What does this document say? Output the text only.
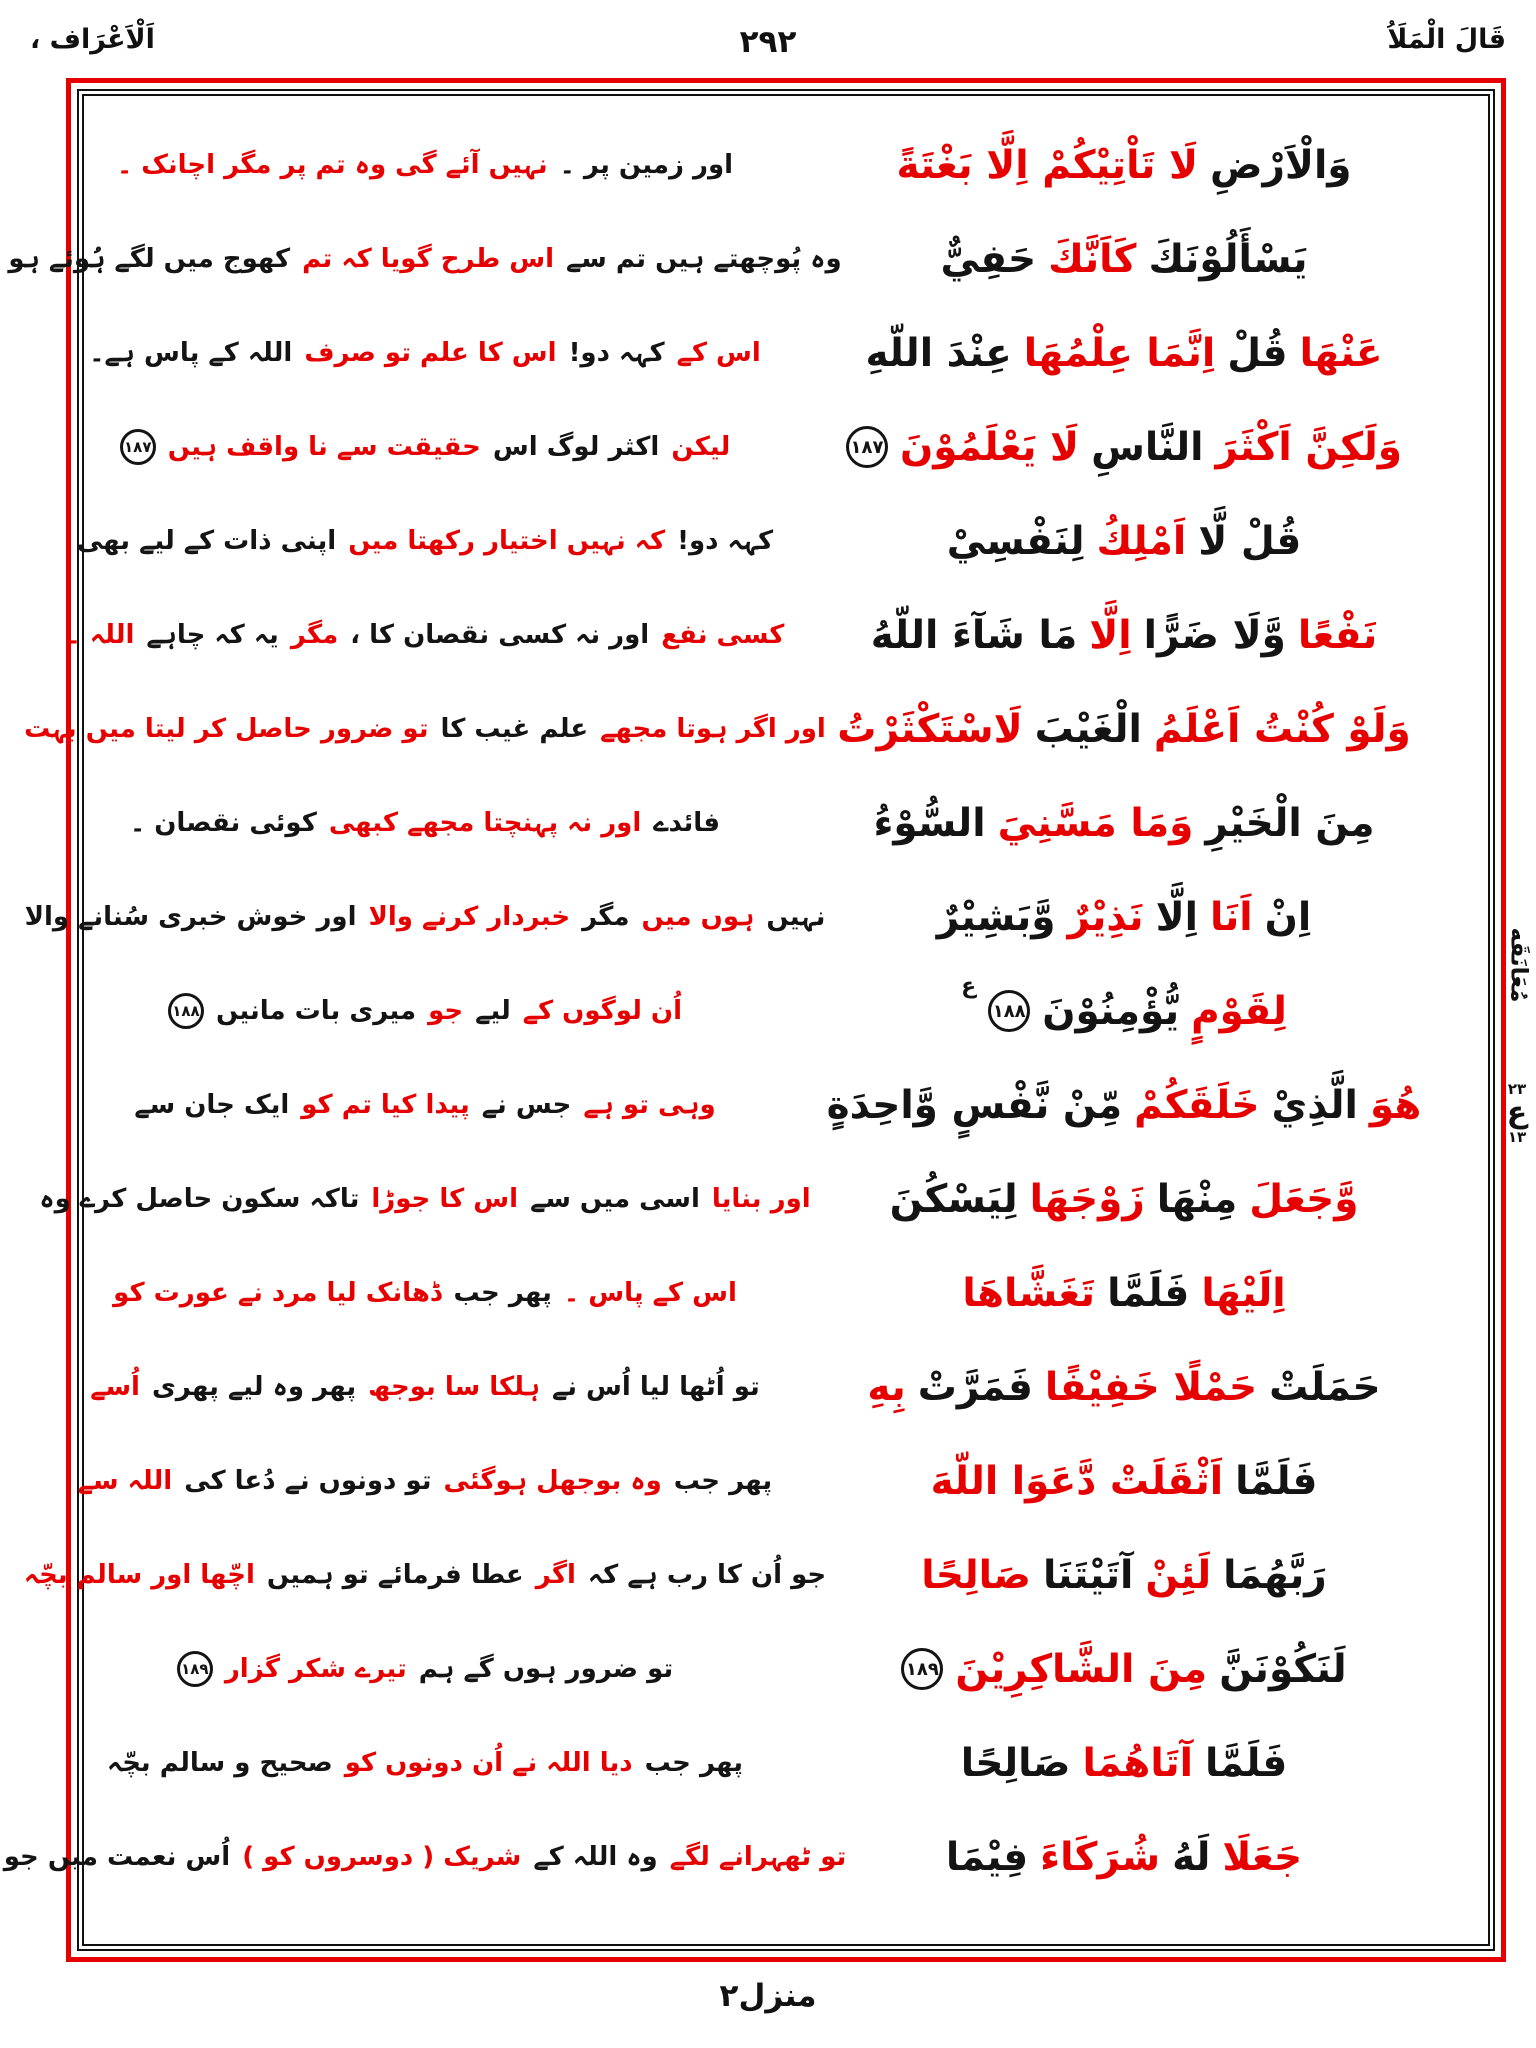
اَلْاَعْرَاف ،	۲۹۲	قَالَ الْمَلَاُ
اور زمین پر ۔
نہیں آئے گی وہ تم پر مگر اچانک ۔
وہ پُوچھتے ہیں تم سے
اس طرح گویا کہ تم
کھوج میں لگے ہُوئے ہو
اس کے
کہہ دو!
اس کا علم تو صرف
اللہ کے پاس ہے۔
لیکن
اکثر لوگ اس
حقیقت سے نا واقف ہیں
۱۸۷
کہہ دو!
کہ نہیں اختیار رکھتا میں
اپنی ذات کے لیے بھی
کسی نفع
اور نہ کسی نقصان کا ،
مگر
یہ کہ چاہے
اللہ ۔
اور اگر ہوتا مجھے
علم غیب کا
تو ضرور حاصل کر لیتا میں بہت
فائدے
اور نہ پہنچتا مجھے کبھی
کوئی نقصان ۔
نہیں
ہوں میں
مگر
خبردار کرنے والا
اور خوش خبری سُنانے والا
اُن لوگوں کے
لیے
جو
میری بات مانیں
۱۸۸
وہی تو ہے
جس نے
پیدا کیا تم کو
ایک جان سے
اور بنایا
اسی میں سے
اس کا جوڑا
تاکہ سکون حاصل کرے وہ
اس کے پاس ۔
پھر جب
ڈھانک لیا مرد نے عورت کو
تو اُٹھا لیا اُس نے
ہلکا سا بوجھ
پھر وہ لیے پھری
اُسے
پھر جب
وہ بوجھل ہوگئی
تو دونوں نے دُعا کی
اللہ سے
جو اُن کا رب ہے کہ
اگر
عطا فرمائے تو ہمیں
اچّھا اور سالم بچّہ
تو ضرور ہوں گے ہم
تیرے شکر گزار
۱۸۹
پھر جب
دیا اللہ نے اُن دونوں کو
صحیح و سالم بچّہ
تو ٹھہرانے لگے
وہ اللہ کے
شریک ( دوسروں کو )
اُس نعمت میں جو
وَالْاَرْضِ
لَا تَاْتِيْكُمْ اِلَّا بَغْتَةً
يَسْأَلُوْنَكَ
كَاَنَّكَ
حَفِيٌّ
عَنْهَا
قُلْ
اِنَّمَا عِلْمُهَا
عِنْدَ اللّهِ
وَلَكِنَّ اَكْثَرَ
النَّاسِ
لَا يَعْلَمُوْنَ
۱۸۷
قُلْ لَّا
اَمْلِكُ
لِنَفْسِيْ
نَفْعًا
وَّلَا ضَرًّا
اِلَّا
مَا شَآءَ اللّهُ
وَلَوْ كُنْتُ اَعْلَمُ
الْغَيْبَ
لَاسْتَكْثَرْتُ
مِنَ الْخَيْرِ
وَمَا مَسَّنِيَ
السُّوْءُ
اِنْ
اَنَا
اِلَّا
نَذِيْرٌ
وَّبَشِيْرٌ
لِقَوْمٍ
يُّؤْمِنُوْنَ
۱۸۸
ع
هُوَ
الَّذِيْ
خَلَقَكُمْ
مِّنْ نَّفْسٍ وَّاحِدَةٍ
وَّجَعَلَ
مِنْهَا
زَوْجَهَا
لِيَسْكُنَ
اِلَيْهَا
فَلَمَّا
تَغَشَّاهَا
حَمَلَتْ
حَمْلًا خَفِيْفًا
فَمَرَّتْ
بِهِ
فَلَمَّا
اَثْقَلَتْ دَّعَوَا اللّهَ
رَبَّهُمَا
لَئِنْ
آتَيْتَنَا
صَالِحًا
لَنَكُوْنَنَّ
مِنَ الشَّاكِرِيْنَ
۱۸۹
فَلَمَّا
آتَاهُمَا
صَالِحًا
جَعَلَا
لَهُ
شُرَكَاءَ
فِيْمَا
مُعَانَقَه
۲۳
ع
۱۳
منزل۲
